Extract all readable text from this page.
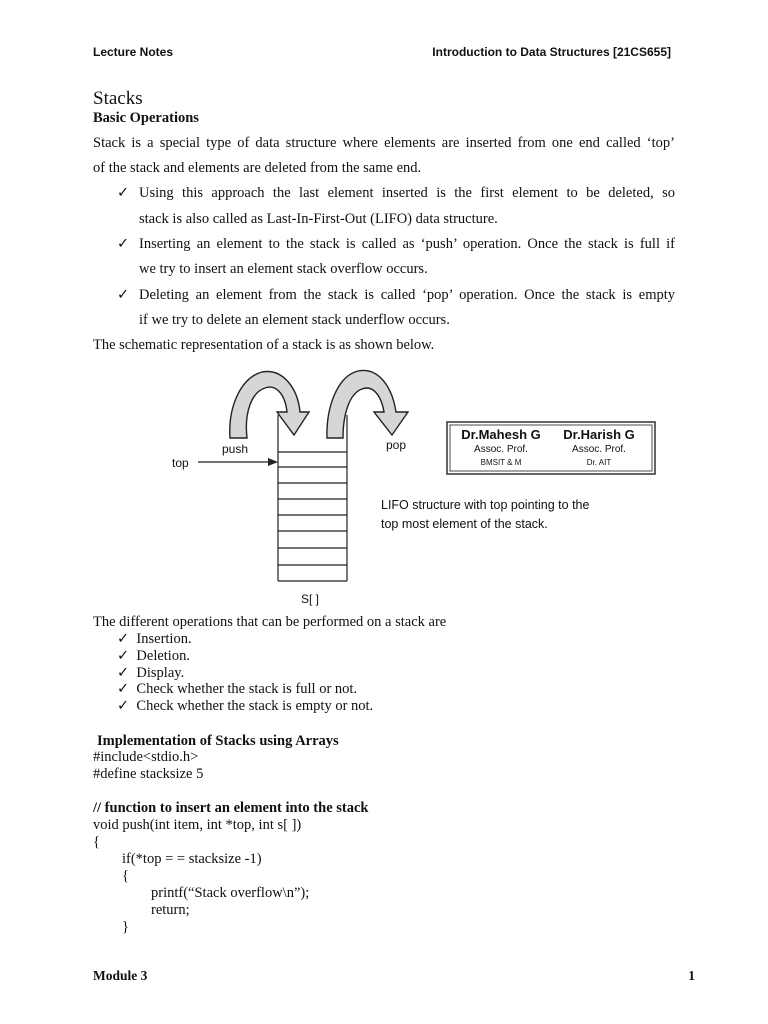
Lecture Notes	Introduction to Data Structures [21CS655]
Stacks
Basic Operations
Stack is a special type of data structure where elements are inserted from one end called ‘top’
of the stack and elements are deleted from the same end.
✓ Using this approach the last element inserted is the first element to be deleted, so
stack is also called as Last-In-First-Out (LIFO) data structure.
✓ Inserting an element to the stack is called as ‘push’ operation. Once the stack is full if
we try to insert an element stack overflow occurs.
✓ Deleting an element from the stack is called ‘pop’ operation. Once the stack is empty
if we try to delete an element stack underflow occurs.
The schematic representation of a stack is as shown below.
push	pop
top
S[ ]
LIFO structure with top pointing to the
top most element of the stack.
Dr.Mahesh G
Assoc. Prof.
BMSIT & M
Dr.Harish G
Assoc. Prof.
Dr. AIT
The different operations that can be performed on a stack are
✓ Insertion.
✓ Deletion.
✓ Display.
✓ Check whether the stack is full or not.
✓ Check whether the stack is empty or not.
Implementation of Stacks using Arrays
#include<stdio.h>
#define stacksize 5
// function to insert an element into the stack
void push(int item, int *top, int s[ ])
{
if(*top = = stacksize -1)
{
printf(“Stack overflow\n”);
return;
}
Module 3	1
